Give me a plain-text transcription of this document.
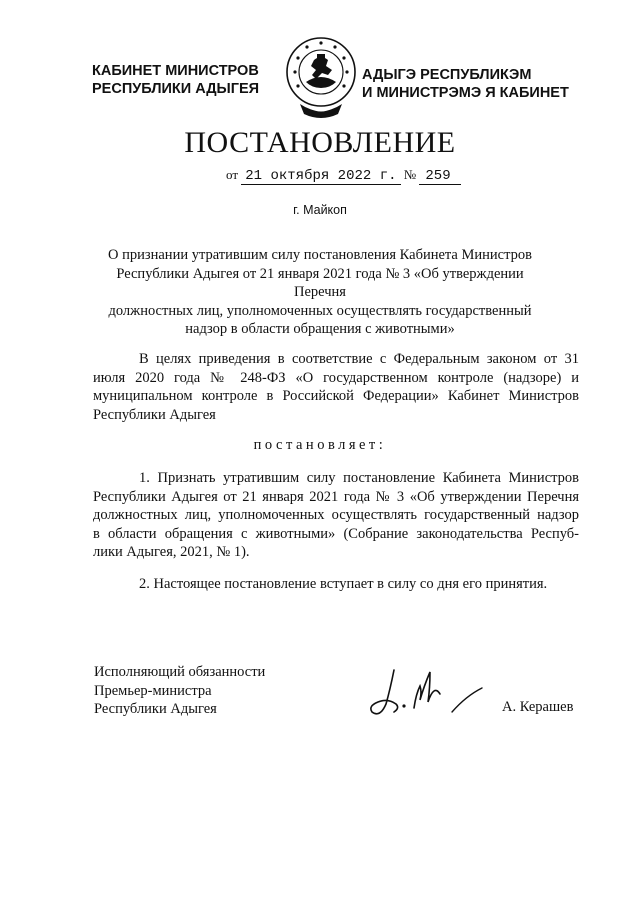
КАБИНЕТ МИНИСТРОВ
РЕСПУБЛИКИ АДЫГЕЯ
АДЫГЭ РЕСПУБЛИКЭМ
И МИНИСТРЭМЭ Я КАБИНЕТ
ПОСТАНОВЛЕНИЕ
от 21 октября 2022 г. № 259
г. Майкоп
О признании утратившим силу постановления Кабинета Министров
Республики Адыгея от 21 января 2021 года № 3 «Об утверждении Перечня
должностных лиц, уполномоченных осуществлять государственный
надзор в области обращения с животными»
В целях приведения в соответствие с Федеральным законом от 31
июля 2020 года № 248-ФЗ «О государственном контроле (надзоре) и
муниципальном контроле в Российской Федерации» Кабинет Министров
Республики Адыгея
постановляет:
1. Признать утратившим силу постановление Кабинета Министров
Республики Адыгея от 21 января 2021 года № 3 «Об утверждении Перечня
должностных лиц, уполномоченных осуществлять государственный надзор
в области обращения с животными» (Собрание законодательства Респуб-
лики Адыгея, 2021, № 1).
2. Настоящее постановление вступает в силу со дня его принятия.
Исполняющий обязанности
Премьер-министра
Республики Адыгея	А. Керашев
